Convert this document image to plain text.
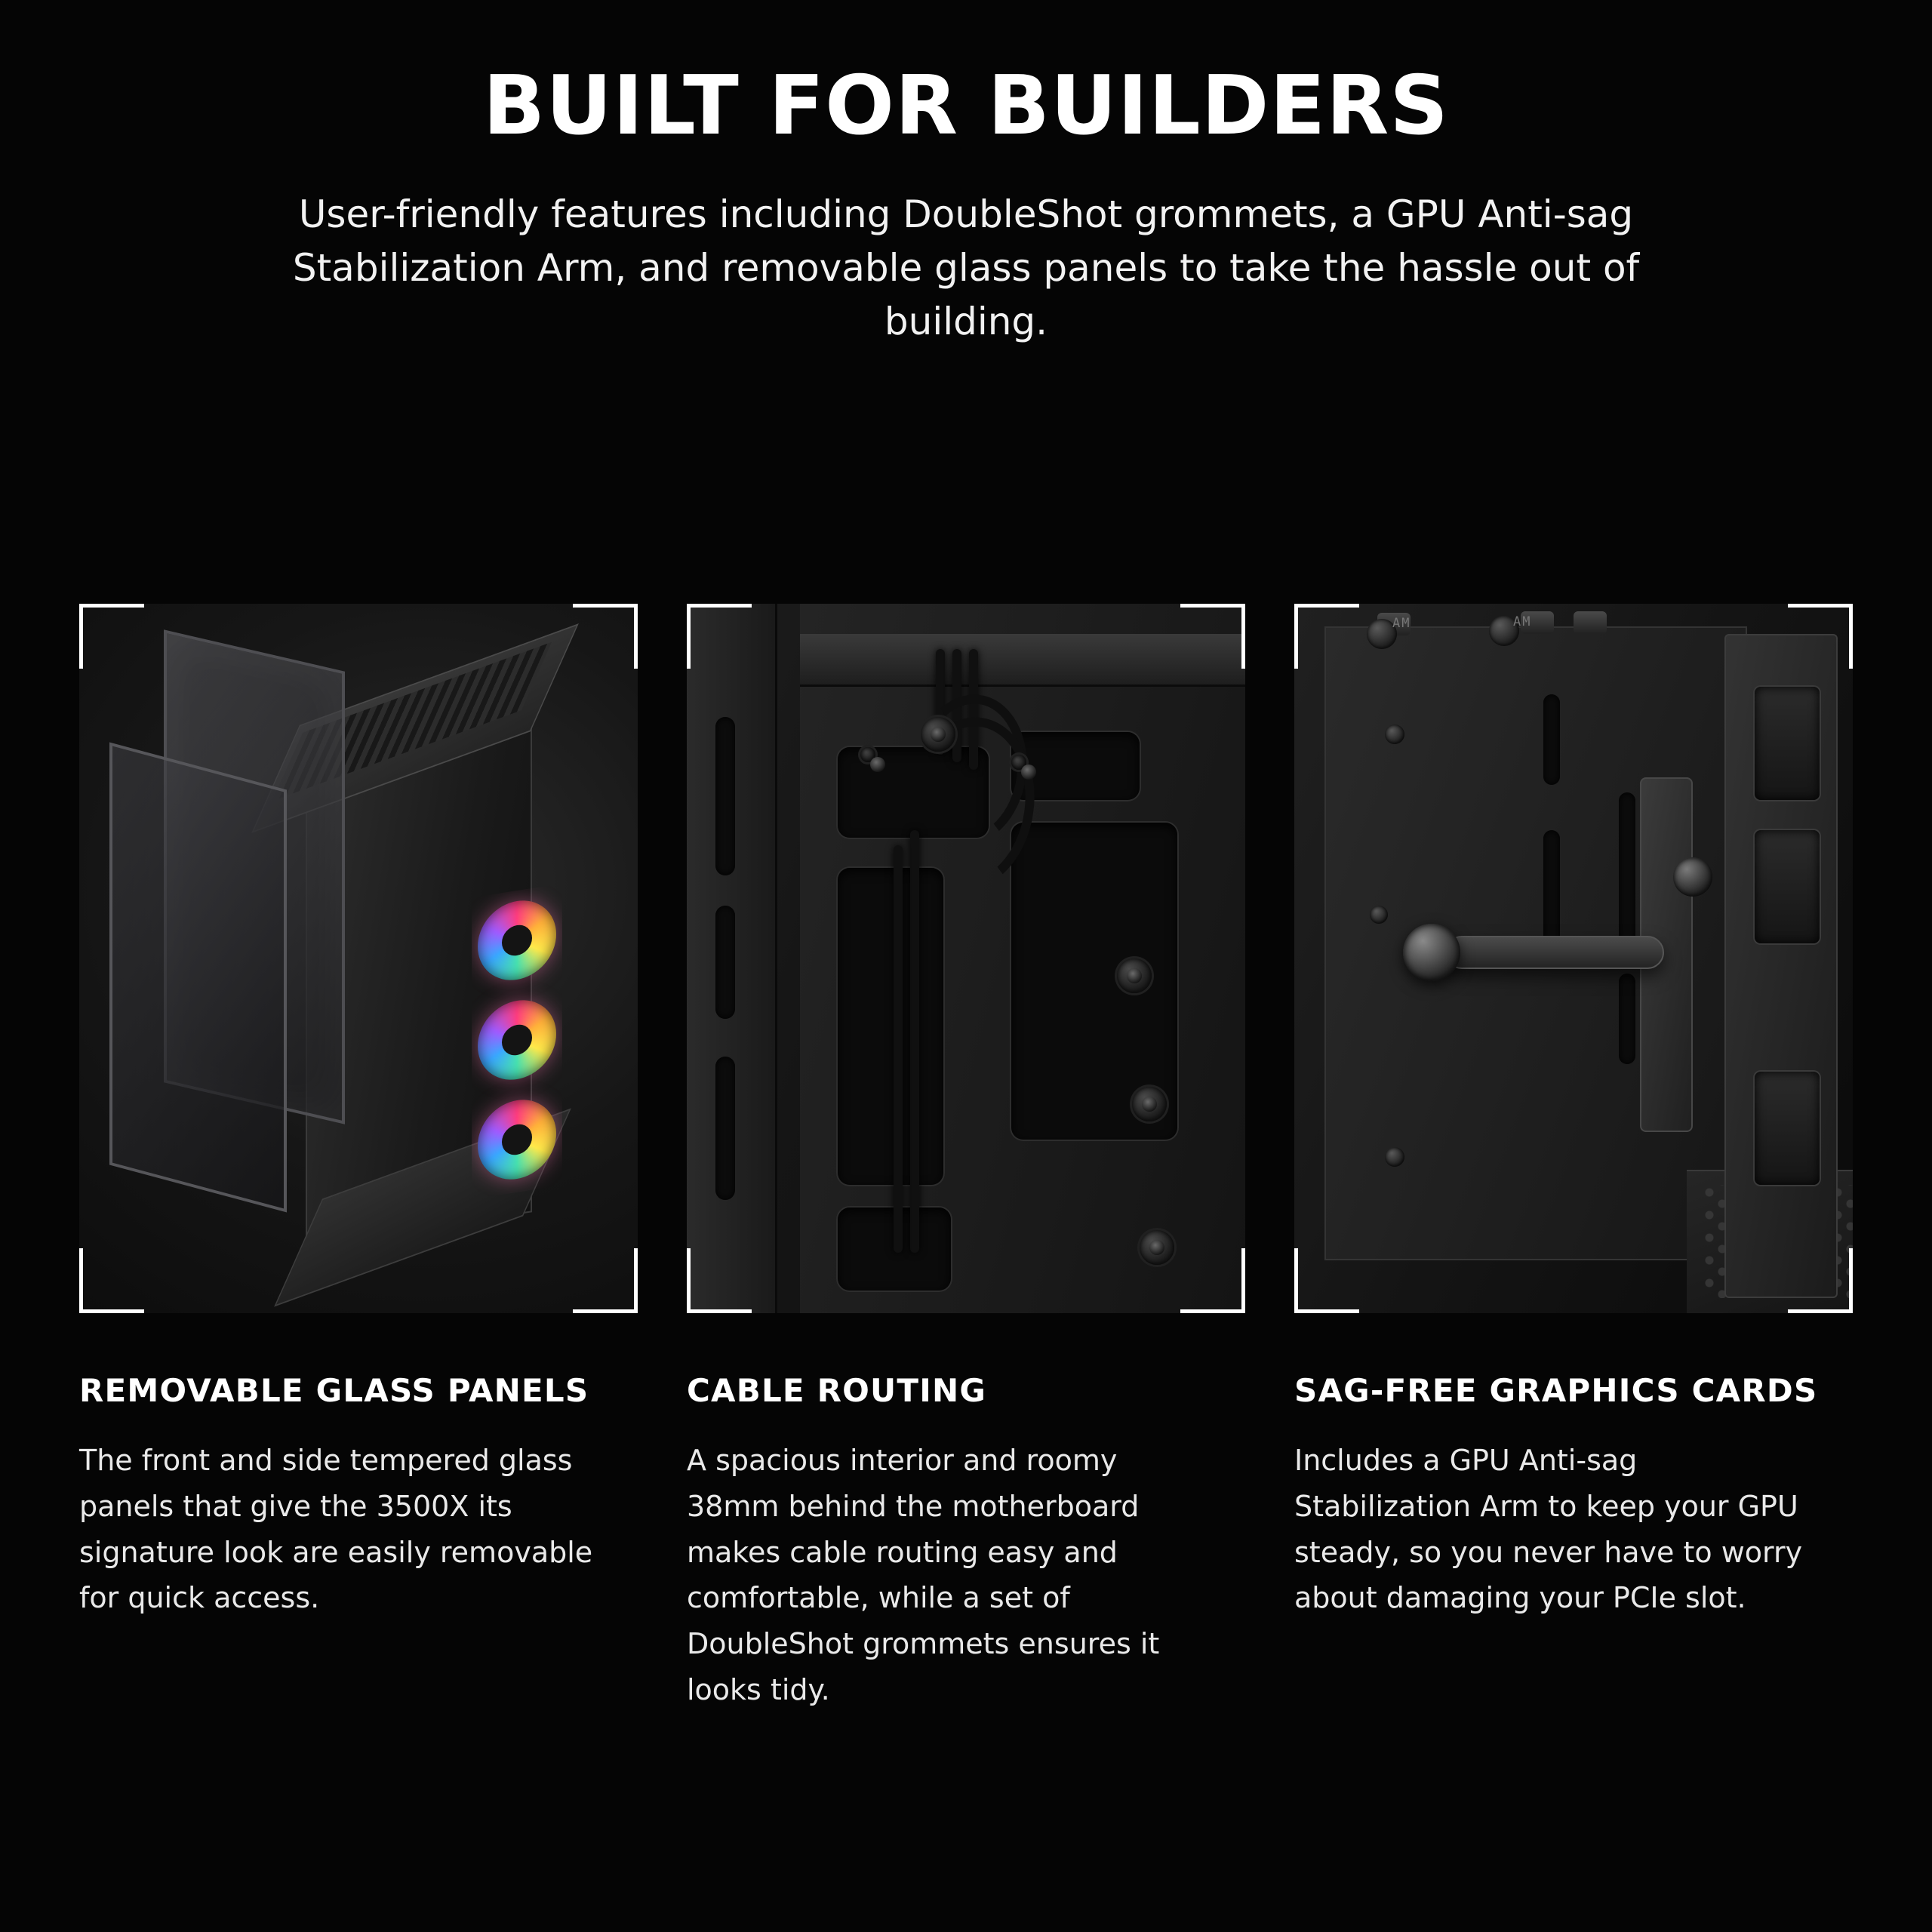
BUILT FOR BUILDERS

User-friendly features including DoubleShot grommets, a GPU Anti-sag Stabilization Arm, and removable glass panels to take the hassle out of building.

REMOVABLE GLASS PANELS
The front and side tempered glass panels that give the 3500X its signature look are easily removable for quick access.
CABLE ROUTING
A spacious interior and roomy 38mm behind the motherboard makes cable routing easy and comfortable, while a set of DoubleShot grommets ensures it looks tidy.
AM	AM
SAG-FREE GRAPHICS CARDS
Includes a GPU Anti-sag Stabilization Arm to keep your GPU steady, so you never have to worry about damaging your PCIe slot.
